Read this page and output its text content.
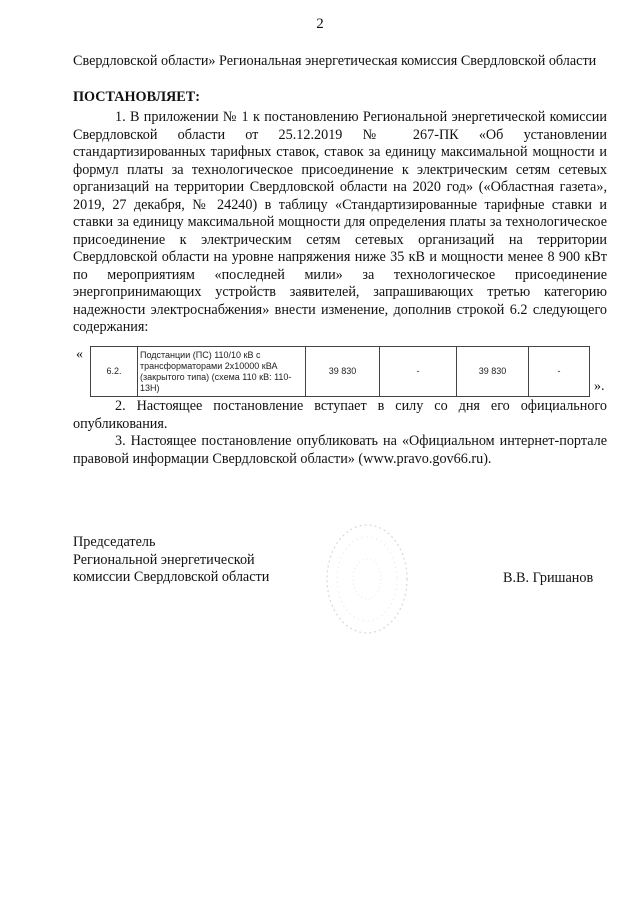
2

Свердловской области» Региональная энергетическая комиссия Свердловской области

ПОСТАНОВЛЯЕТ:

1. В приложении № 1 к постановлению Региональной энергетической комиссии Свердловской области от 25.12.2019 № 267-ПК «Об установлении стандартизированных тарифных ставок, ставок за единицу максимальной мощности и формул платы за технологическое присоединение к электрическим сетям сетевых организаций на территории Свердловской области на 2020 год» («Областная газета», 2019, 27 декабря, № 24240) в таблицу «Стандартизированные тарифные ставки и ставки за единицу максимальной мощности для определения платы за технологическое присоединение к электрическим сетям сетевых организаций на территории Свердловской области на уровне напряжения ниже 35 кВ и мощности менее 8 900 кВт по мероприятиям «последней мили» за технологическое присоединение энергопринимающих устройств заявителей, запрашивающих третью категорию надежности электроснабжения» внести изменение, дополнив строкой 6.2 следующего содержания:

«
6.2.	Подстанции (ПС) 110/10 кВ с трансформаторами 2х10000 кВА (закрытого типа) (схема 110 кВ: 110-13Н)	39 830	-	39 830	-
».

2. Настоящее постановление вступает в силу со дня его официального опубликования.

3. Настоящее постановление опубликовать на «Официальном интернет-портале правовой информации Свердловской области» (www.pravo.gov66.ru).

Председатель
Региональной энергетической
комиссии Свердловской области	В.В. Гришанов
